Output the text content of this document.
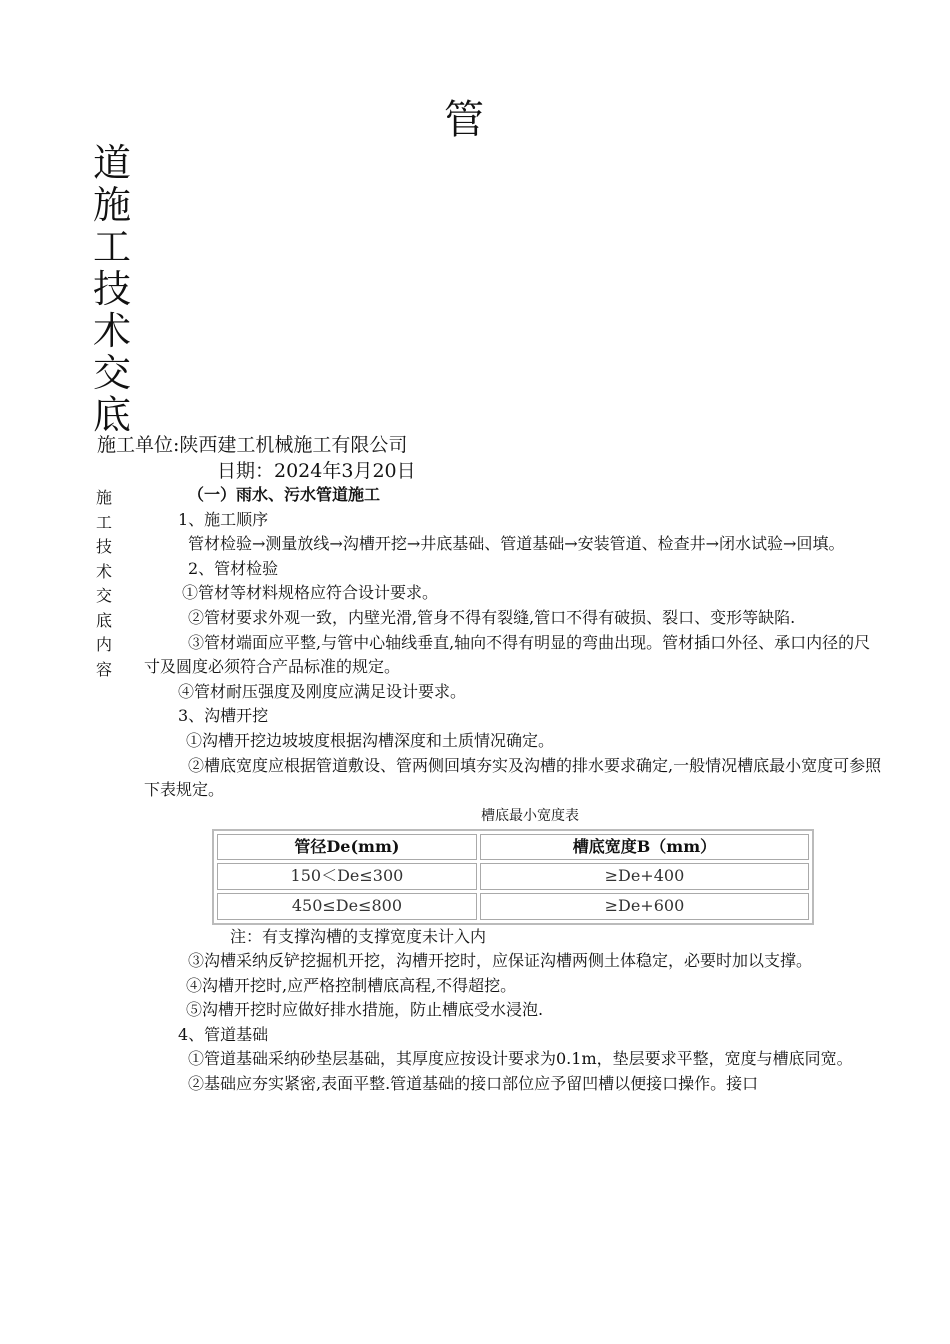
管
道
施
工
技
术
交
底
施工单位:陕西建工机械施工有限公司
日期：2024年3月20日
施
工
技
术
交
底
内
容

（一）雨水、污水管道施工

1、施工顺序

管材检验→测量放线→沟槽开挖→井底基础、管道基础→安装管道、检查井→闭水试验→回填。

2、管材检验

①管材等材料规格应符合设计要求。

②管材要求外观一致，内壁光滑,管身不得有裂缝,管口不得有破损、裂口、变形等缺陷.

③管材端面应平整,与管中心轴线垂直,轴向不得有明显的弯曲出现。管材插口外径、承口内径的尺寸及圆度必须符合产品标准的规定。

④管材耐压强度及刚度应满足设计要求。

3、沟槽开挖

①沟槽开挖边坡坡度根据沟槽深度和土质情况确定。

②槽底宽度应根据管道敷设、管两侧回填夯实及沟槽的排水要求确定,一般情况槽底最小宽度可参照下表规定。

槽底最小宽度表

管径De(mm)	槽底宽度B（mm）
150＜De≤300	≥De+400
450≤De≤800	≥De+600

注：有支撑沟槽的支撑宽度未计入内

③沟槽采纳反铲挖掘机开挖，沟槽开挖时，应保证沟槽两侧土体稳定，必要时加以支撑。

④沟槽开挖时,应严格控制槽底高程,不得超挖。

⑤沟槽开挖时应做好排水措施，防止槽底受水浸泡.

4、管道基础

①管道基础采纳砂垫层基础，其厚度应按设计要求为0.1m，垫层要求平整，宽度与槽底同宽。

②基础应夯实紧密,表面平整.管道基础的接口部位应予留凹槽以便接口操作。接口
